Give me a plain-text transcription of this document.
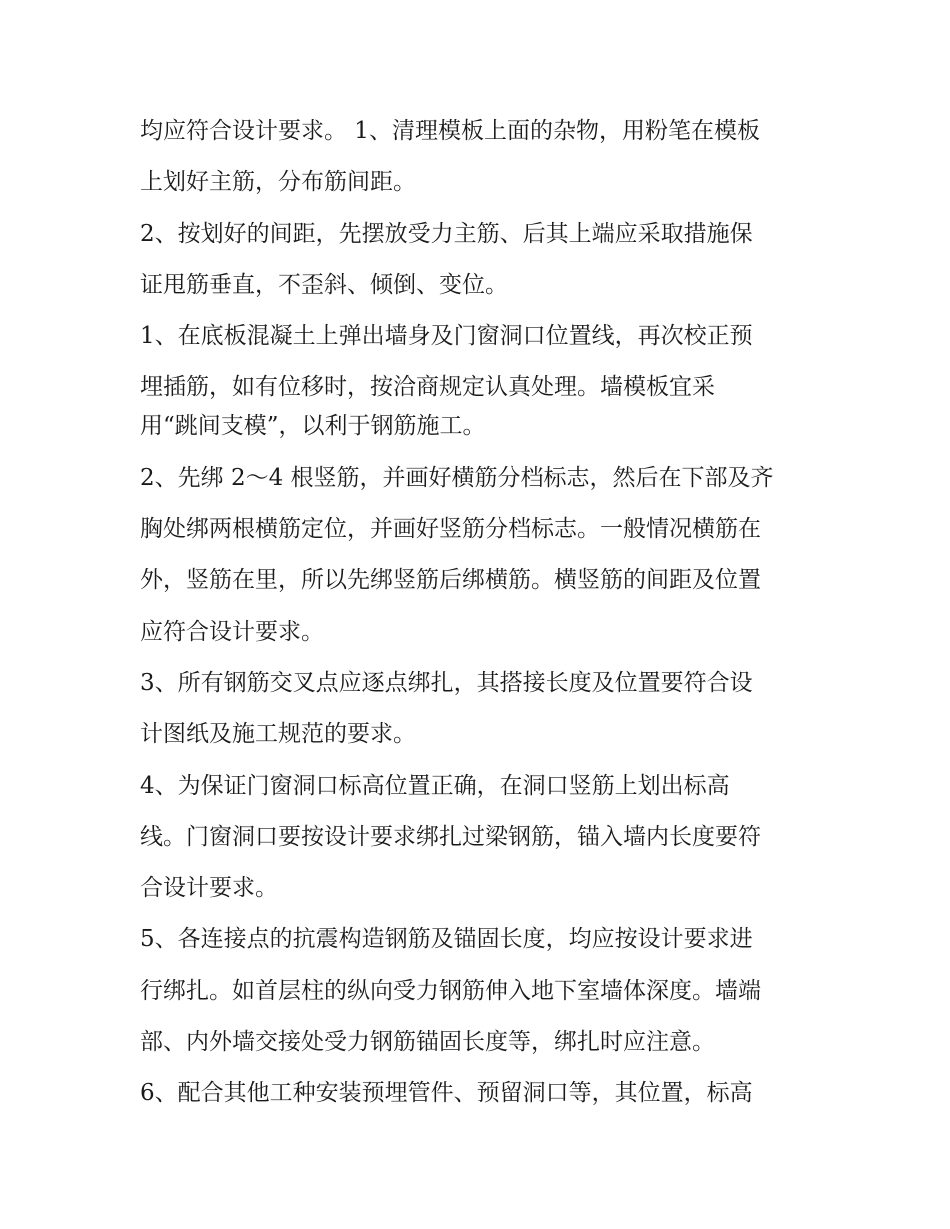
均应符合设计要求。 1、清理模板上面的杂物，用粉笔在模板
上划好主筋，分布筋间距。
2、按划好的间距，先摆放受力主筋、后其上端应采取措施保
证甩筋垂直，不歪斜、倾倒、变位。
1、在底板混凝土上弹出墙身及门窗洞口位置线，再次校正预
埋插筋，如有位移时，按洽商规定认真处理。墙模板宜采
用“跳间支模”，以利于钢筋施工。
2、先绑 2～4 根竖筋，并画好横筋分档标志，然后在下部及齐
胸处绑两根横筋定位，并画好竖筋分档标志。一般情况横筋在
外，竖筋在里，所以先绑竖筋后绑横筋。横竖筋的间距及位置
应符合设计要求。
3、所有钢筋交叉点应逐点绑扎，其搭接长度及位置要符合设
计图纸及施工规范的要求。
4、为保证门窗洞口标高位置正确，在洞口竖筋上划出标高
线。门窗洞口要按设计要求绑扎过梁钢筋，锚入墙内长度要符
合设计要求。
5、各连接点的抗震构造钢筋及锚固长度，均应按设计要求进
行绑扎。如首层柱的纵向受力钢筋伸入地下室墙体深度。墙端
部、内外墙交接处受力钢筋锚固长度等，绑扎时应注意。
6、配合其他工种安装预埋管件、预留洞口等，其位置，标高
